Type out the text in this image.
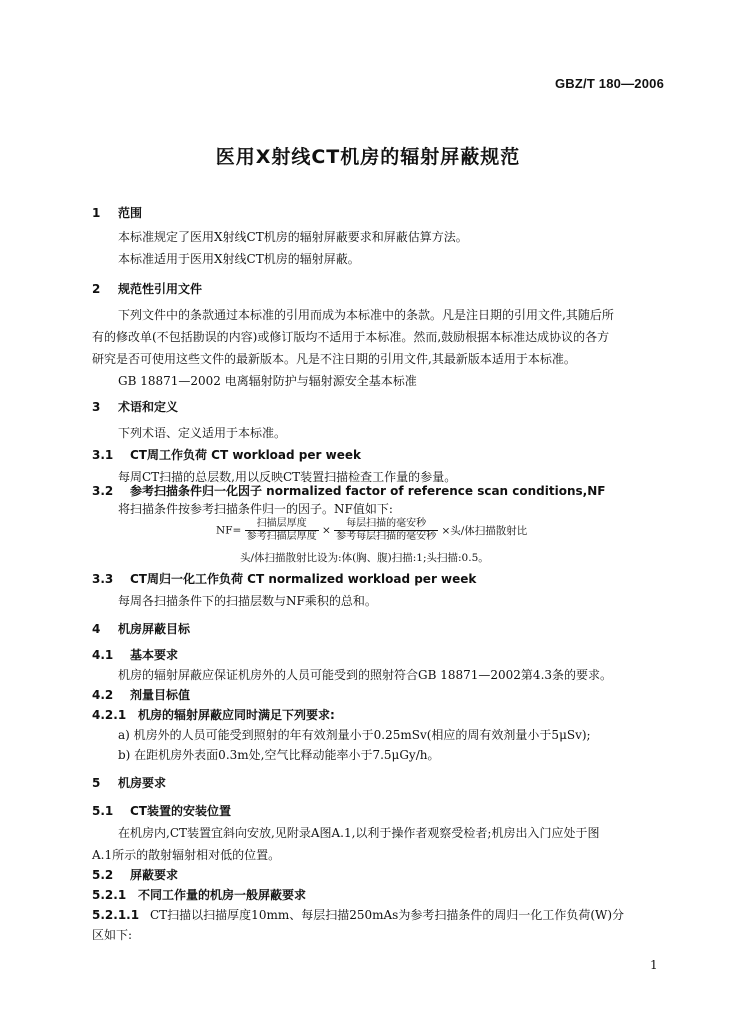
GBZ/T 180—2006
医用X射线CT机房的辐射屏蔽规范
1 范围
本标准规定了医用X射线CT机房的辐射屏蔽要求和屏蔽估算方法。
本标准适用于医用X射线CT机房的辐射屏蔽。
2 规范性引用文件
下列文件中的条款通过本标准的引用而成为本标准中的条款。凡是注日期的引用文件,其随后所
有的修改单(不包括勘误的内容)或修订版均不适用于本标准。然而,鼓励根据本标准达成协议的各方
研究是否可使用这些文件的最新版本。凡是不注日期的引用文件,其最新版本适用于本标准。
GB 18871—2002 电离辐射防护与辐射源安全基本标准
3 术语和定义
下列术语、定义适用于本标准。
3.1 CT周工作负荷 CT workload per week
每周CT扫描的总层数,用以反映CT装置扫描检查工作量的参量。
3.2 参考扫描条件归一化因子 normalized factor of reference scan conditions,NF
将扫描条件按参考扫描条件归一的因子。NF值如下:
$NF= \frac{\text{扫描层厚度}}{\text{参考扫描层厚度}} \times \frac{\text{每层扫描的毫安秒}}{\text{参考每层扫描的毫安秒}}$ ×头/体扫描散射比
头/体扫描散射比设为:体(胸、腹)扫描:1;头扫描:0.5。
3.3 CT周归一化工作负荷 CT normalized workload per week
每周各扫描条件下的扫描层数与NF乘积的总和。
4 机房屏蔽目标
4.1 基本要求
机房的辐射屏蔽应保证机房外的人员可能受到的照射符合GB 18871—2002第4.3条的要求。
4.2 剂量目标值
4.2.1 机房的辐射屏蔽应同时满足下列要求:
a) 机房外的人员可能受到照射的年有效剂量小于0.25mSv(相应的周有效剂量小于5μSv);
b) 在距机房外表面0.3m处,空气比释动能率小于7.5μGy/h。
5 机房要求
5.1 CT装置的安装位置
在机房内,CT装置宜斜向安放,见附录A图A.1,以利于操作者观察受检者;机房出入门应处于图
A.1所示的散射辐射相对低的位置。
5.2 屏蔽要求
5.2.1 不同工作量的机房一般屏蔽要求
5.2.1.1 CT扫描以扫描厚度10mm、每层扫描250mAs为参考扫描条件的周归一化工作负荷(W)分
区如下:
1
